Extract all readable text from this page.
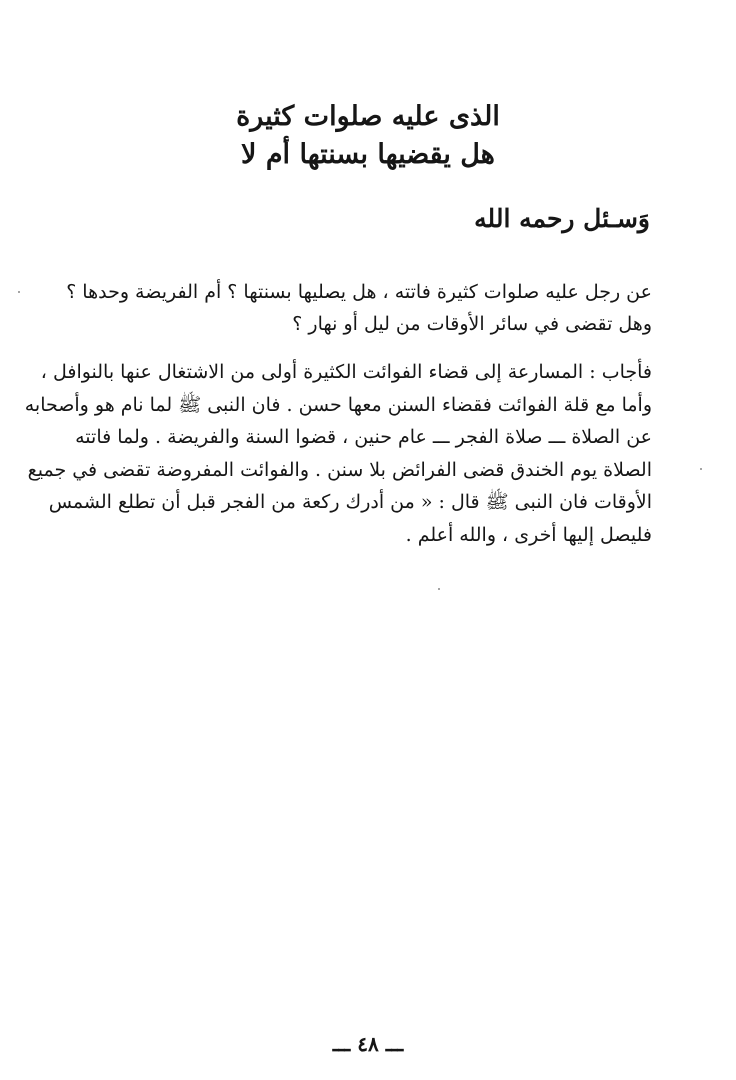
الذى عليه صلوات كثيرة
هل يقضيها بسنتها أم لا
وَسـئل رحمه الله
عن رجل عليه صلوات كثيرة فاتته ، هل يصليها بسنتها ؟ أم الفريضة وحدها ؟
وهل تقضى في سائر الأوقات من ليل أو نهار ؟
فأجاب : المسارعة إلى قضاء الفوائت الكثيرة أولى من الاشتغال عنها بالنوافل ،
وأما مع قلة الفوائت فقضاء السنن معها حسن . فان النبى ﷺ لما نام هو وأصحابه
عن الصلاة ـــ صلاة الفجر ـــ عام حنين ، قضوا السنة والفريضة . ولما فاتته
الصلاة يوم الخندق قضى الفرائض بلا سنن . والفوائت المفروضة تقضى في جميع
الأوقات فان النبى ﷺ قال : « من أدرك ركعة من الفجر قبل أن تطلع الشمس
فليصل إليها أخرى ، والله أعلم .
ـــ ٤٨ ـــ
